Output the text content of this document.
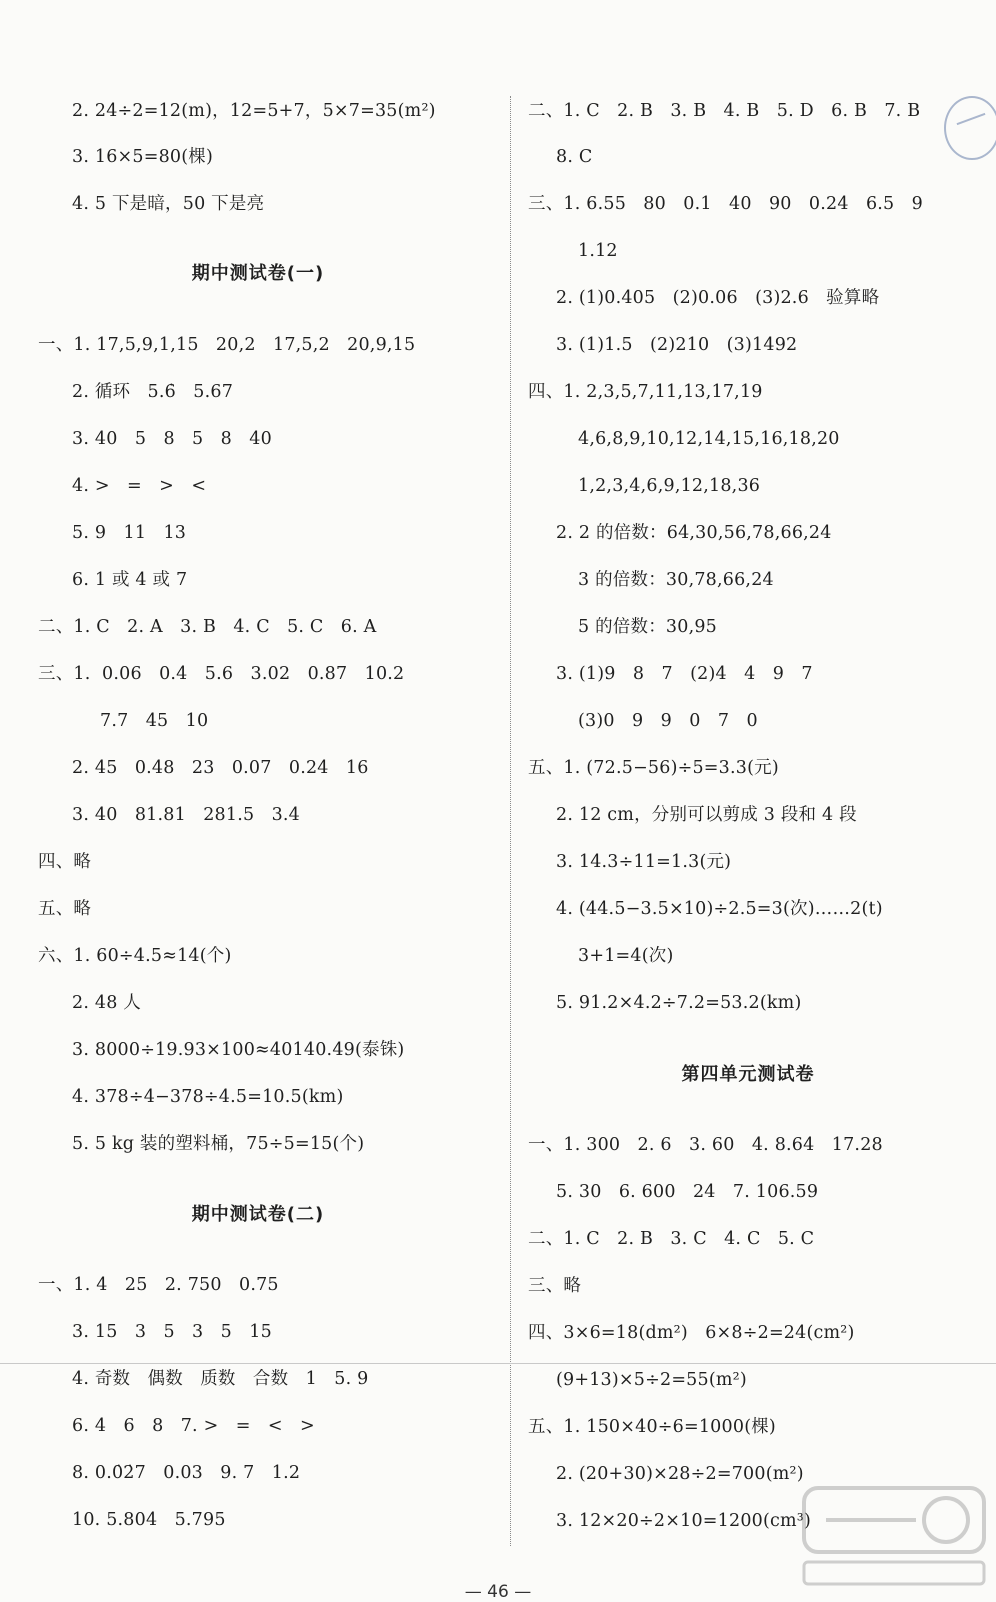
2. 24÷2=12(m)，12=5+7，5×7=35(m²)
3. 16×5=80(棵)
4. 5 下是暗，50 下是亮
期中测试卷(一)
一、1. 17,5,9,1,15   20,2   17,5,2   20,9,15
2. 循环   5.6̇   5.67
3. 40   5   8   5   8   40
4. >   =   >   <
5. 9   11   13
6. 1 或 4 或 7
二、1. C   2. A   3. B   4. C   5. C   6. A
三、1.  0.06   0.4   5.6   3.02   0.87   10.2
7.7   45   10
2. 45   0.48   23   0.07   0.24   16
3. 40   81.81   281.5   3.4
四、略
五、略
六、1. 60÷4.5≈14(个)
2. 48 人
3. 8000÷19.93×100≈40140.49(泰铢)
4. 378÷4−378÷4.5=10.5(km)
5. 5 kg 装的塑料桶，75÷5=15(个)
期中测试卷(二)
一、1. 4   25   2. 750   0.75
3. 15   3   5   3   5   15
4. 奇数   偶数   质数   合数   1   5. 9
6. 4   6   8   7. >   =   <   >
8. 0.0̇2̇7   0.03   9. 7   1.2
10. 5.804   5.795
二、1. C   2. B   3. B   4. B   5. D   6. B   7. B
8. C
三、1. 6.55   80   0.1   40   90   0.24   6.5   9
1.12
2. (1)0.405   (2)0.06   (3)2.6   验算略
3. (1)1.5   (2)210   (3)1492
四、1. 2,3,5,7,11,13,17,19
4,6,8,9,10,12,14,15,16,18,20
1,2,3,4,6,9,12,18,36
2. 2 的倍数：64,30,56,78,66,24
3 的倍数：30,78,66,24
5 的倍数：30,95
3. (1)9   8   7   (2)4   4   9   7
(3)0   9   9   0   7   0
五、1. (72.5−56)÷5=3.3(元)
2. 12 cm，分别可以剪成 3 段和 4 段
3. 14.3÷11=1.3(元)
4. (44.5−3.5×10)÷2.5=3(次)……2(t)
3+1=4(次)
5. 91.2×4.2÷7.2=53.2(km)
第四单元测试卷
一、1. 300   2. 6   3. 60   4. 8.64   17.28
5. 30   6. 600   24   7. 106.59
二、1. C   2. B   3. C   4. C   5. C
三、略
四、3×6=18(dm²)   6×8÷2=24(cm²)
(9+13)×5÷2=55(m²)
五、1. 150×40÷6=1000(棵)
2. (20+30)×28÷2=700(m²)
3. 12×20÷2×10=1200(cm³)
— 46 —
